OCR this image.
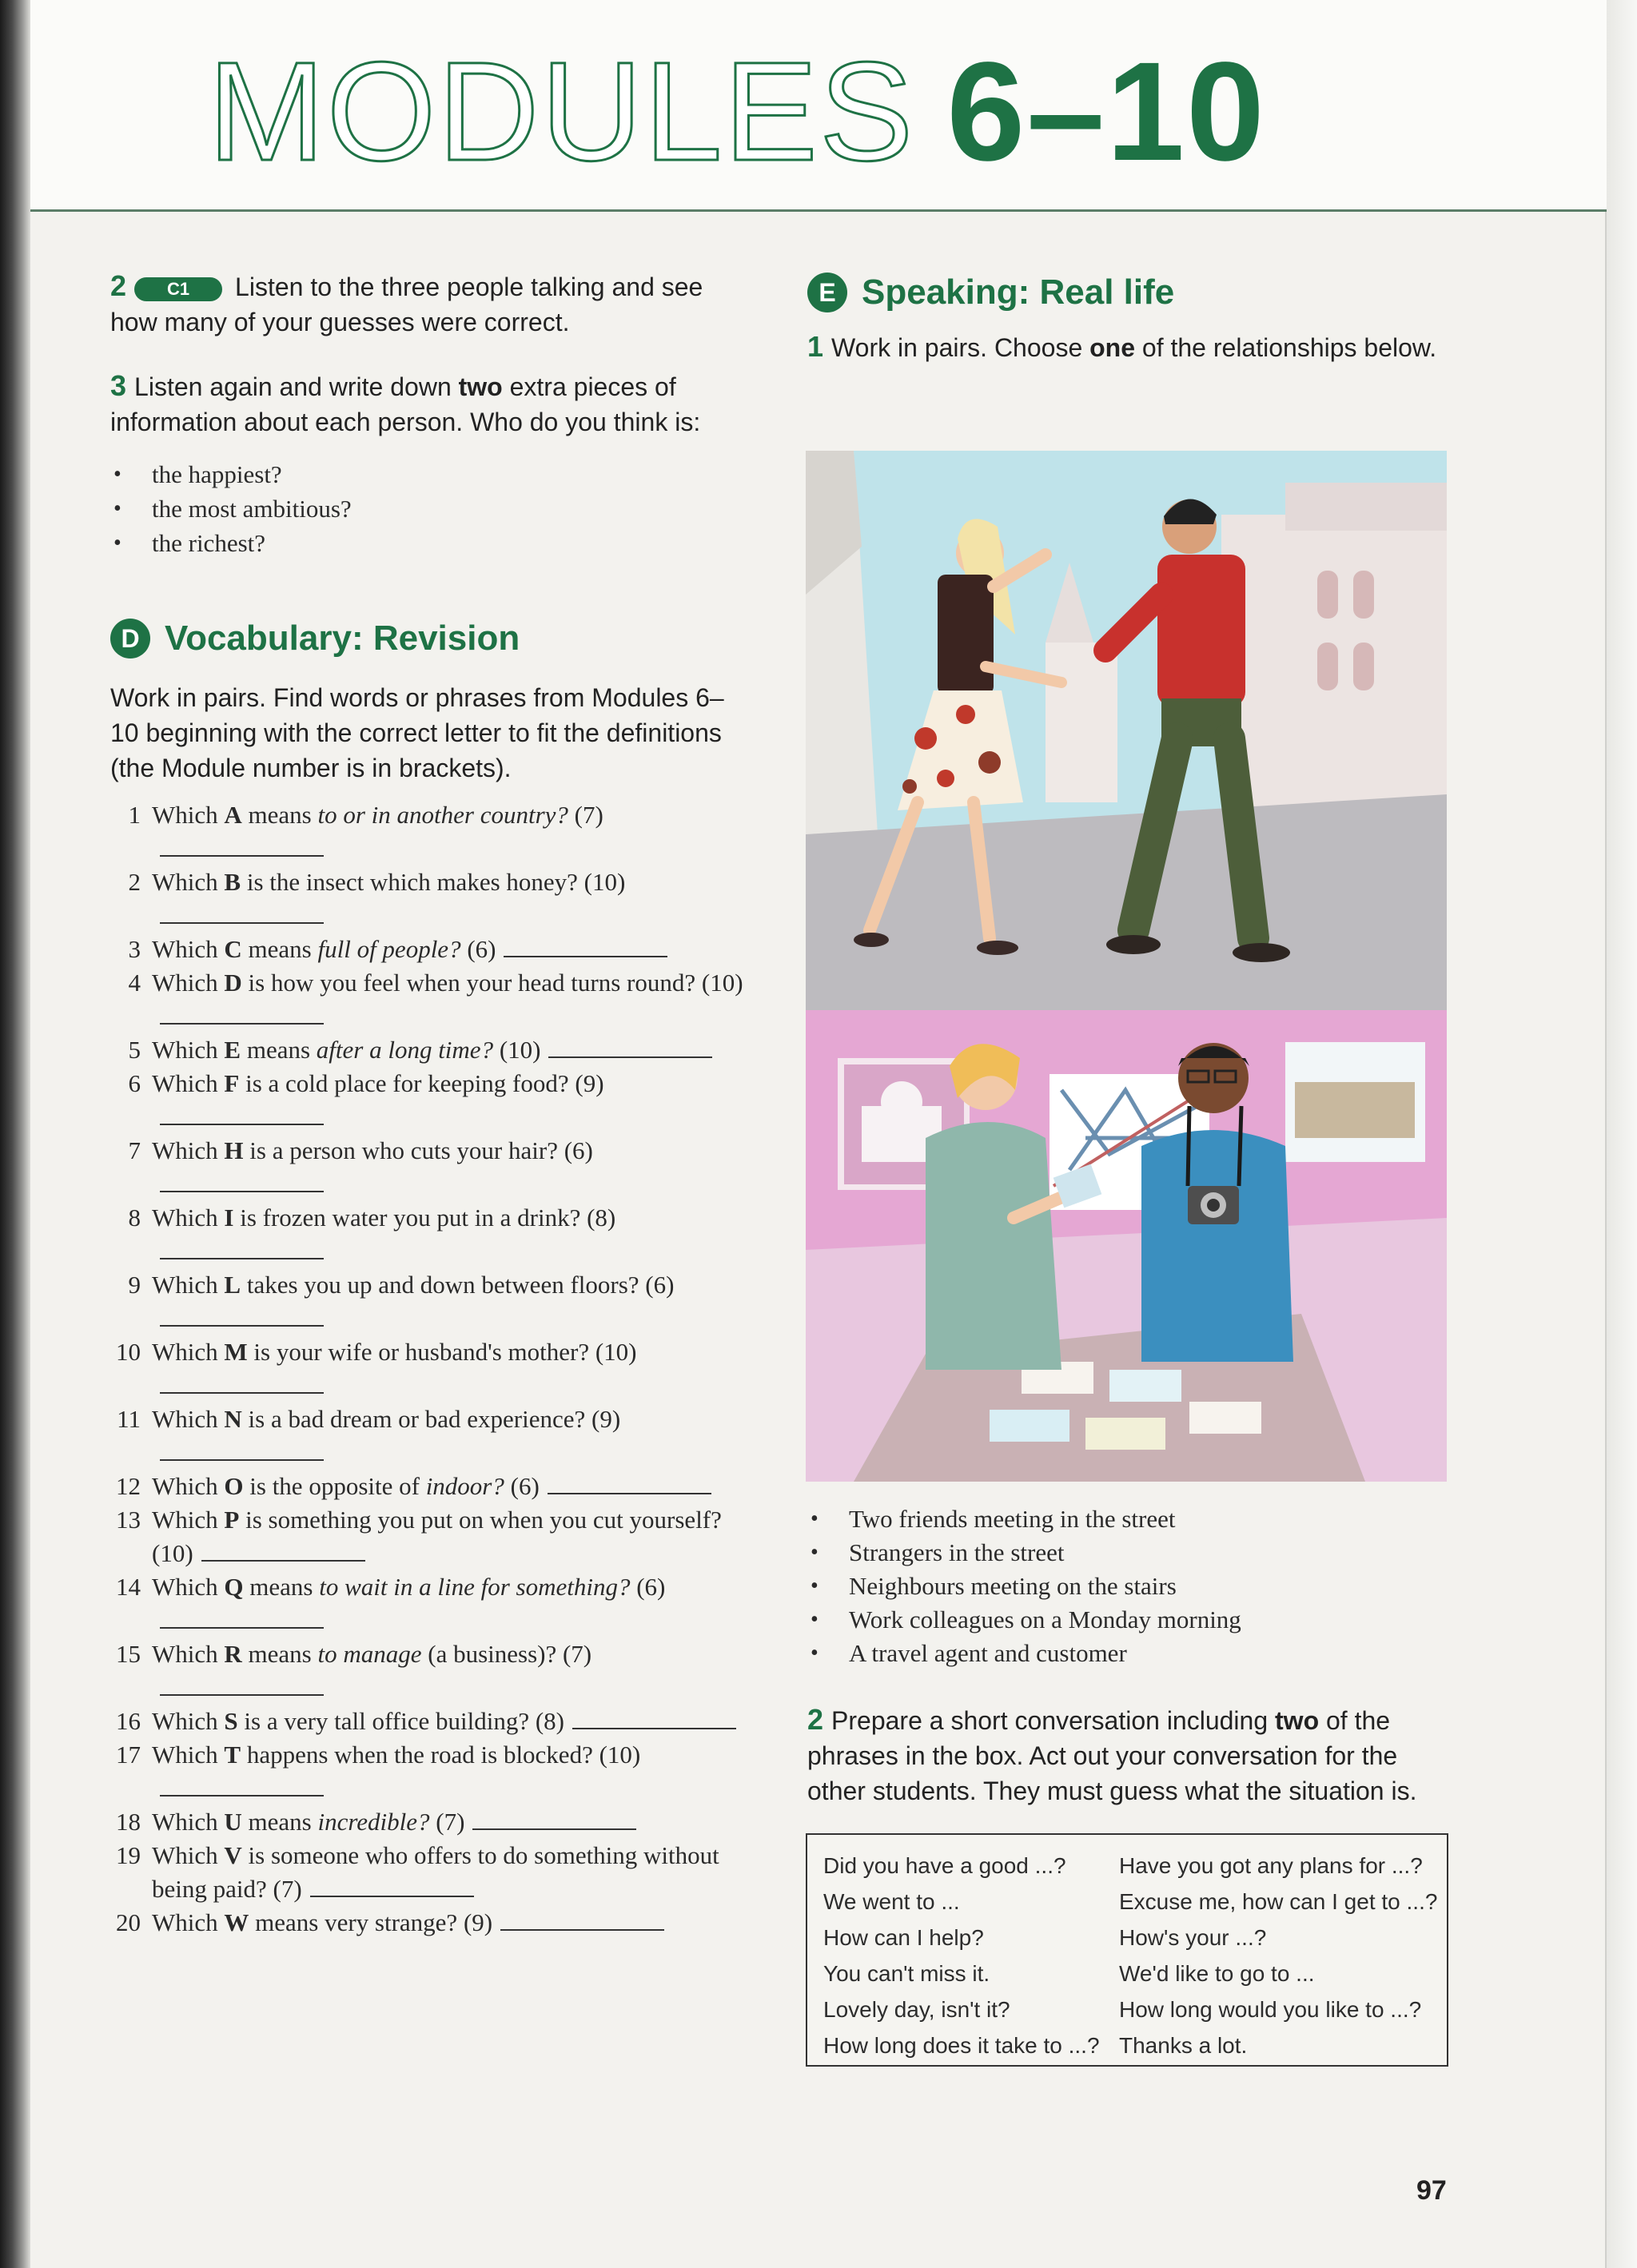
MODULES 6–10

2 C1 Listen to the three people talking and see how many of your guesses were correct.

3 Listen again and write down two extra pieces of information about each person. Who do you think is:

• the happiest?
• the most ambitious?
• the richest?
D Vocabulary: Revision

Work in pairs. Find words or phrases from Modules 6–10 beginning with the correct letter to fit the definitions (the Module number is in brackets).

1 Which A means to or in another country? (7)
2 Which B is the insect which makes honey? (10)
3 Which C means full of people? (6)
4 Which D is how you feel when your head turns round? (10)
5 Which E means after a long time? (10)
6 Which F is a cold place for keeping food? (9)
7 Which H is a person who cuts your hair? (6)
8 Which I is frozen water you put in a drink? (8)
9 Which L takes you up and down between floors? (6)
10 Which M is your wife or husband's mother? (10)
11 Which N is a bad dream or bad experience? (9)
12 Which O is the opposite of indoor? (6)
13 Which P is something you put on when you cut yourself? (10)
14 Which Q means to wait in a line for something? (6)
15 Which R means to manage (a business)? (7)
16 Which S is a very tall office building? (8)
17 Which T happens when the road is blocked? (10)
18 Which U means incredible? (7)
19 Which V is someone who offers to do something without being paid? (7)
20 Which W means very strange? (9)
E Speaking: Real life

1 Work in pairs. Choose one of the relationships below.

• Two friends meeting in the street
• Strangers in the street
• Neighbours meeting on the stairs
• Work colleagues on a Monday morning
• A travel agent and customer

2 Prepare a short conversation including two of the phrases in the box. Act out your conversation for the other students. They must guess what the situation is.

Did you have a good ...?	Have you got any plans for ...?
We went to ...	Excuse me, how can I get to ...?
How can I help?	How's your ...?
You can't miss it.	We'd like to go to ...
Lovely day, isn't it?	How long would you like to ...?
How long does it take to ...? Thanks a lot.
97
